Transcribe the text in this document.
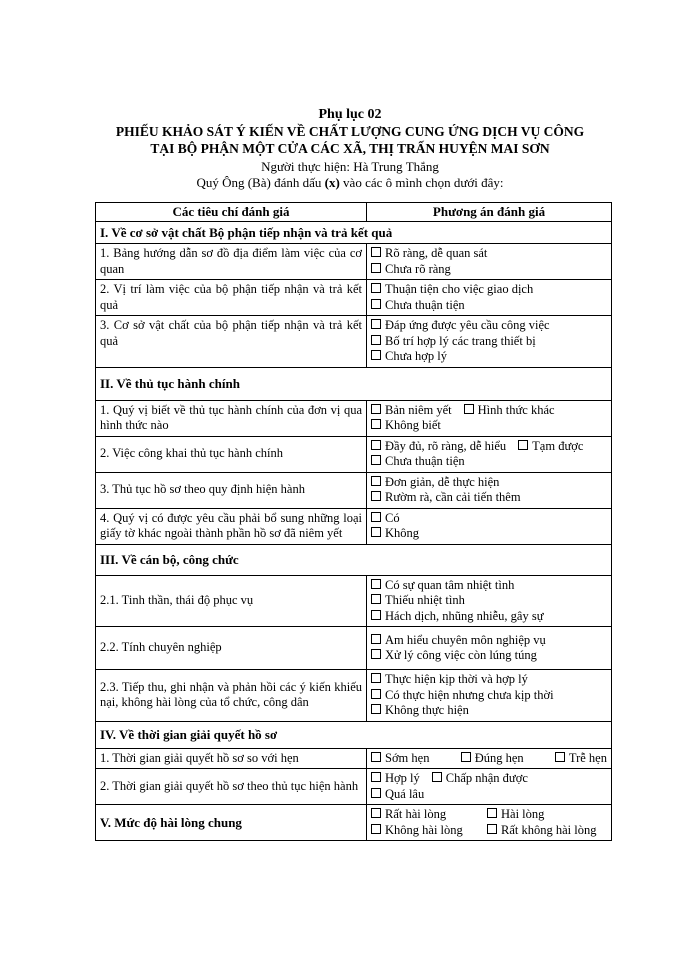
Phụ lục 02
PHIẾU KHẢO SÁT Ý KIẾN VỀ CHẤT LƯỢNG CUNG ỨNG DỊCH VỤ CÔNG
TẠI BỘ PHẬN MỘT CỬA CÁC XÃ, THỊ TRẤN HUYỆN MAI SƠN
Người thực hiện: Hà Trung Thắng
Quý Ông (Bà) đánh dấu (x) vào các ô mình chọn dưới đây:
Các tiêu chí đánh giá	Phương án đánh giá
I. Về cơ sở vật chất Bộ phận tiếp nhận và trả kết quả	
1. Bảng hướng dẫn sơ đồ địa điểm làm việc của cơ quan	Rõ ràng, dễ quan sát
Chưa rõ ràng

2. Vị trí làm việc của bộ phận tiếp nhận và trả kết quả	Thuận tiện cho việc giao dịch
Chưa thuận tiện

3. Cơ sở vật chất của bộ phận tiếp nhận và trả kết quả	Đáp ứng được yêu cầu công việc
Bố trí hợp lý các trang thiết bị
Chưa hợp lý

II. Về thủ tục hành chính	
1. Quý vị biết về thủ tục hành chính của đơn vị qua hình thức nào	Bản niêm yết Hình thức khác
Không biết

2. Việc công khai thủ tục hành chính	Đầy đủ, rõ ràng, dễ hiểu Tạm được
Chưa thuận tiện

3. Thủ tục hồ sơ theo quy định hiện hành	Đơn giản, dễ thực hiện
Rườm rà, cần cải tiến thêm

4. Quý vị có được yêu cầu phải bổ sung những loại giấy tờ khác ngoài thành phần hồ sơ đã niêm yết	Có
Không

III. Về cán bộ, công chức	
2.1. Tinh thần, thái độ phục vụ	Có sự quan tâm nhiệt tình
Thiếu nhiệt tình
Hách dịch, nhũng nhiễu, gây sự

2.2. Tính chuyên nghiệp	Am hiểu chuyên môn nghiệp vụ
Xử lý công việc còn lúng túng

2.3. Tiếp thu, ghi nhận và phản hồi các ý kiến khiếu nại, không hài lòng của tổ chức, công dân	Thực hiện kịp thời và hợp lý
Có thực hiện nhưng chưa kịp thời
Không thực hiện

IV. Về thời gian giải quyết hồ sơ	
1. Thời gian giải quyết hồ sơ so với hẹn	Sớm hẹn Đúng hẹn Trễ hẹn

2. Thời gian giải quyết hồ sơ theo thủ tục hiện hành	Hợp lý Chấp nhận được
Quá lâu

V. Mức độ hài lòng chung	Rất hài lòng Hài lòng
Không hài lòng Rất không hài lòng
